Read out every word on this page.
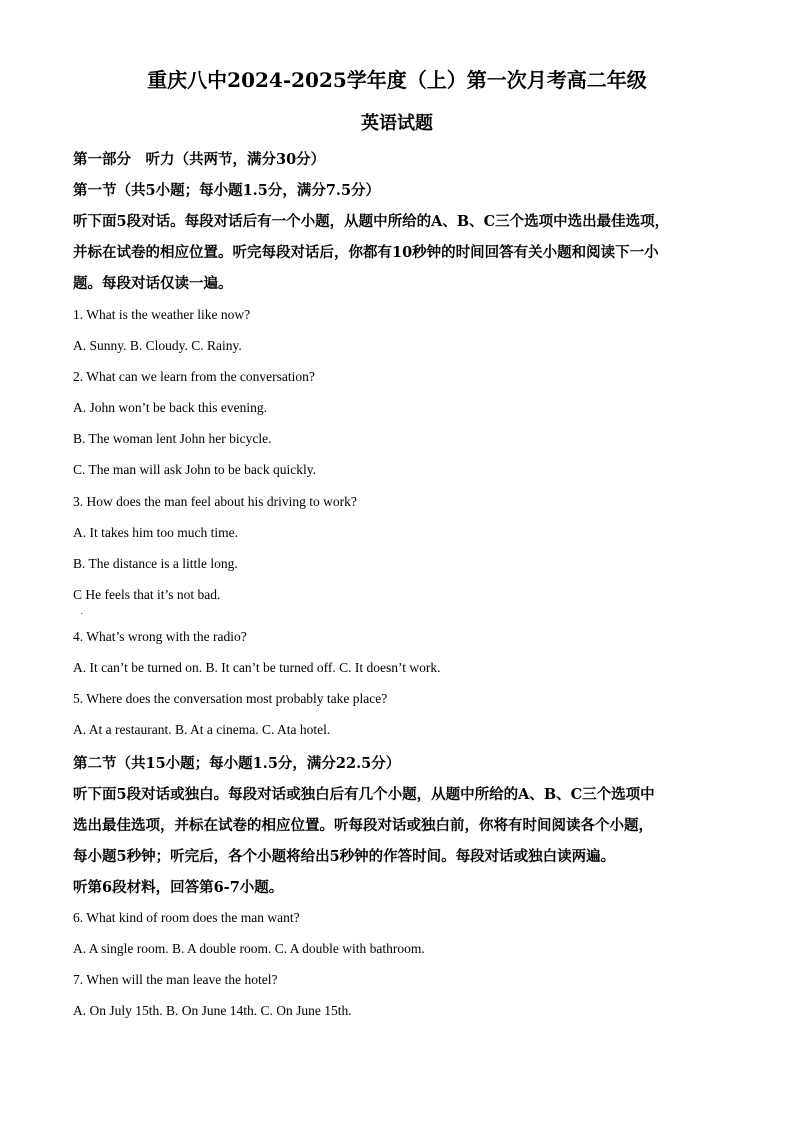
重庆八中2024-2025学年度（上）第一次月考高二年级
英语试题
第一部分　听力（共两节，满分30分）
第一节（共5小题；每小题1.5分，满分7.5分）
听下面5段对话。每段对话后有一个小题，从题中所给的A、B、C三个选项中选出最佳选项，
并标在试卷的相应位置。听完每段对话后，你都有10秒钟的时间回答有关小题和阅读下一小
题。每段对话仅读一遍。
1. What is the weather like now?
A. Sunny. B. Cloudy. C. Rainy.
2. What can we learn from the conversation?
A. John won’t be back this evening.
B. The woman lent John her bicycle.
C. The man will ask John to be back quickly.
3. How does the man feel about his driving to work?
A. It takes him too much time.
B. The distance is a little long.
C He feels that it’s not bad.
·
4. What’s wrong with the radio?
A. It can’t be turned on. B. It can’t be turned off. C. It doesn’t work.
5. Where does the conversation most probably take place?
A. At a restaurant. B. At a cinema. C. Ata hotel.
第二节（共15小题；每小题1.5分，满分22.5分）
听下面5段对话或独白。每段对话或独白后有几个小题，从题中所给的A、B、C三个选项中
选出最佳选项，并标在试卷的相应位置。听每段对话或独白前，你将有时间阅读各个小题，
每小题5秒钟；听完后，各个小题将给出5秒钟的作答时间。每段对话或独白读两遍。
听第6段材料，回答第6-7小题。
6. What kind of room does the man want?
A. A single room. B. A double room. C. A double with bathroom.
7. When will the man leave the hotel?
A. On July 15th. B. On June 14th. C. On June 15th.
